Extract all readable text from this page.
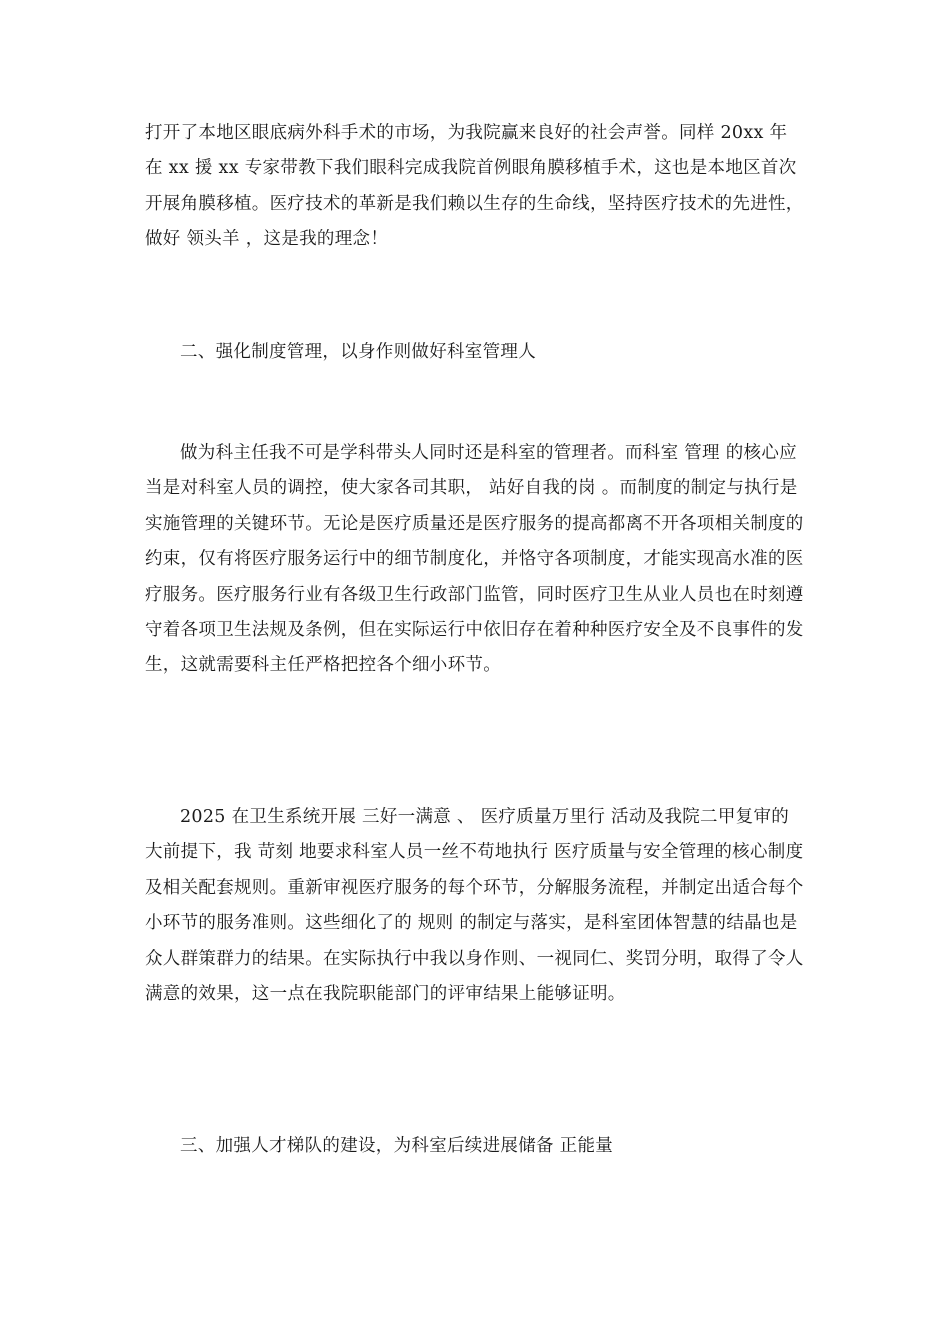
打开了本地区眼底病外科手术的市场，为我院赢来良好的社会声誉。同样 20xx 年在 xx 援 xx 专家带教下我们眼科完成我院首例眼角膜移植手术，这也是本地区首次开展角膜移植。医疗技术的革新是我们赖以生存的生命线，坚持医疗技术的先进性，做好 领头羊 ，这是我的理念！

二、强化制度管理，以身作则做好科室管理人

做为科主任我不可是学科带头人同时还是科室的管理者。而科室 管理 的核心应当是对科室人员的调控，使大家各司其职， 站好自我的岗 。而制度的制定与执行是实施管理的关键环节。无论是医疗质量还是医疗服务的提高都离不开各项相关制度的约束，仅有将医疗服务运行中的细节制度化，并恪守各项制度，才能实现高水准的医疗服务。医疗服务行业有各级卫生行政部门监管，同时医疗卫生从业人员也在时刻遵守着各项卫生法规及条例，但在实际运行中依旧存在着种种医疗安全及不良事件的发生，这就需要科主任严格把控各个细小环节。

2025 在卫生系统开展 三好一满意 、 医疗质量万里行 活动及我院二甲复审的大前提下，我 苛刻 地要求科室人员一丝不苟地执行 医疗质量与安全管理的核心制度 及相关配套规则。重新审视医疗服务的每个环节，分解服务流程，并制定出适合每个小环节的服务准则。这些细化了的 规则 的制定与落实，是科室团体智慧的结晶也是众人群策群力的结果。在实际执行中我以身作则、一视同仁、奖罚分明，取得了令人满意的效果，这一点在我院职能部门的评审结果上能够证明。

三、加强人才梯队的建设，为科室后续进展储备 正能量
